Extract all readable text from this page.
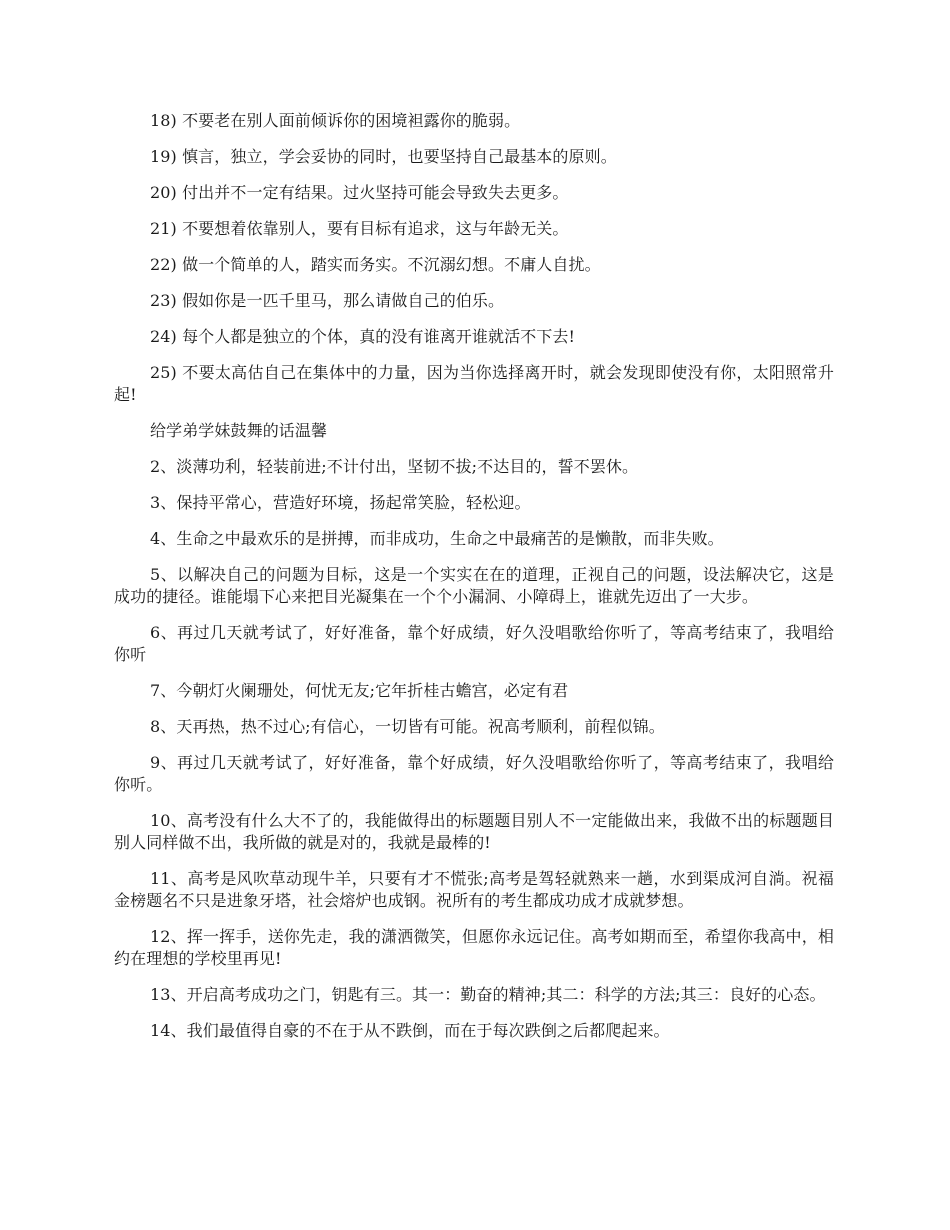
18) 不要老在别人面前倾诉你的困境袒露你的脆弱。

19) 慎言，独立，学会妥协的同时，也要坚持自己最基本的原则。

20) 付出并不一定有结果。过火坚持可能会导致失去更多。

21) 不要想着依靠别人，要有目标有追求，这与年龄无关。

22) 做一个简单的人，踏实而务实。不沉溺幻想。不庸人自扰。

23) 假如你是一匹千里马，那么请做自己的伯乐。

24) 每个人都是独立的个体，真的没有谁离开谁就活不下去!

25) 不要太高估自己在集体中的力量，因为当你选择离开时，就会发现即使没有你，太阳照常升起!

给学弟学妹鼓舞的话温馨

2、淡薄功利，轻装前进;不计付出，坚韧不拔;不达目的，誓不罢休。

3、保持平常心，营造好环境，扬起常笑脸，轻松迎。

4、生命之中最欢乐的是拼搏，而非成功，生命之中最痛苦的是懒散，而非失败。

5、以解决自己的问题为目标，这是一个实实在在的道理，正视自己的问题，设法解决它，这是成功的捷径。谁能塌下心来把目光凝集在一个个小漏洞、小障碍上，谁就先迈出了一大步。

6、再过几天就考试了，好好准备，靠个好成绩，好久没唱歌给你听了，等高考结束了，我唱给你听

7、今朝灯火阑珊处，何忧无友;它年折桂古蟾宫，必定有君

8、天再热，热不过心;有信心，一切皆有可能。祝高考顺利，前程似锦。

9、再过几天就考试了，好好准备，靠个好成绩，好久没唱歌给你听了，等高考结束了，我唱给你听。

10、高考没有什么大不了的，我能做得出的标题题目别人不一定能做出来，我做不出的标题题目别人同样做不出，我所做的就是对的，我就是最棒的!

11、高考是风吹草动现牛羊，只要有才不慌张;高考是驾轻就熟来一趟，水到渠成河自淌。祝福金榜题名不只是进象牙塔，社会熔炉也成钢。祝所有的考生都成功成才成就梦想。

12、挥一挥手，送你先走，我的潇洒微笑，但愿你永远记住。高考如期而至，希望你我高中，相约在理想的学校里再见!

13、开启高考成功之门，钥匙有三。其一：勤奋的精神;其二：科学的方法;其三：良好的心态。

14、我们最值得自豪的不在于从不跌倒，而在于每次跌倒之后都爬起来。
